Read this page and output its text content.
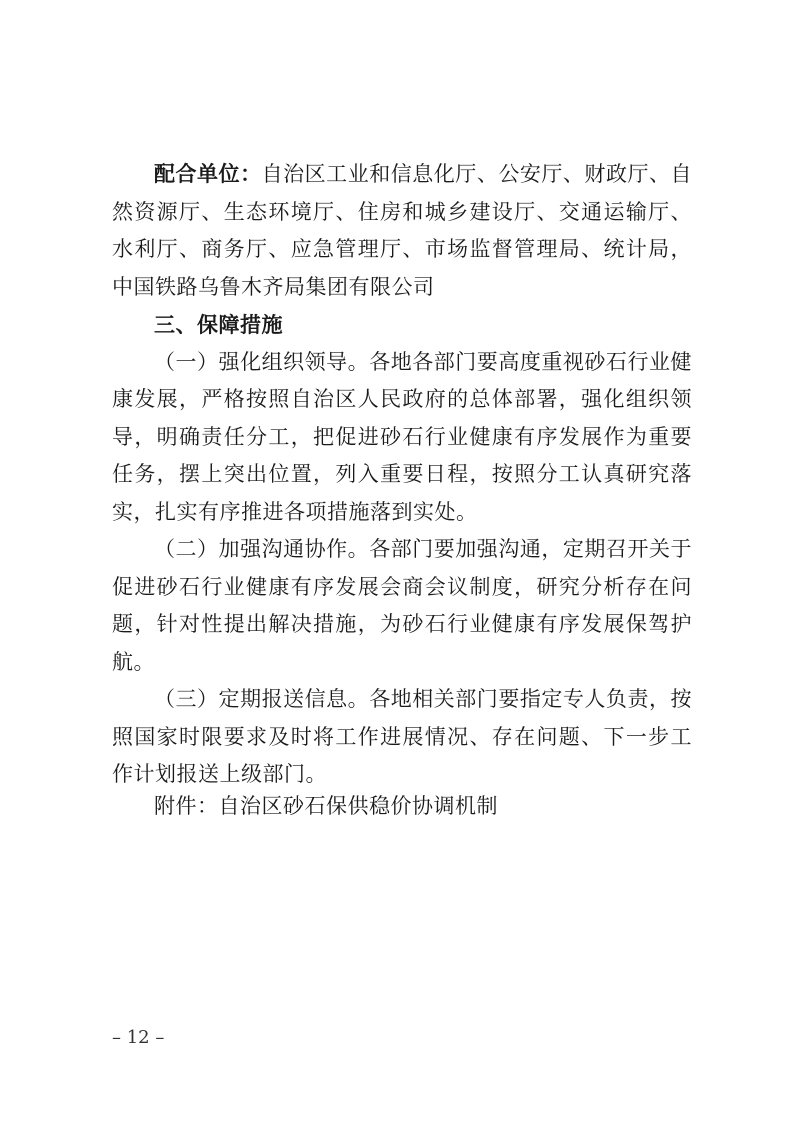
配合单位：自治区工业和信息化厅、公安厅、财政厅、自然资源厅、生态环境厅、住房和城乡建设厅、交通运输厅、水利厅、商务厅、应急管理厅、市场监督管理局、统计局，中国铁路乌鲁木齐局集团有限公司

三、保障措施

（一）强化组织领导。各地各部门要高度重视砂石行业健康发展，严格按照自治区人民政府的总体部署，强化组织领导，明确责任分工，把促进砂石行业健康有序发展作为重要任务，摆上突出位置，列入重要日程，按照分工认真研究落实，扎实有序推进各项措施落到实处。

（二）加强沟通协作。各部门要加强沟通，定期召开关于促进砂石行业健康有序发展会商会议制度，研究分析存在问题，针对性提出解决措施，为砂石行业健康有序发展保驾护航。

（三）定期报送信息。各地相关部门要指定专人负责，按照国家时限要求及时将工作进展情况、存在问题、下一步工作计划报送上级部门。

附件：自治区砂石保供稳价协调机制
– 12 –
